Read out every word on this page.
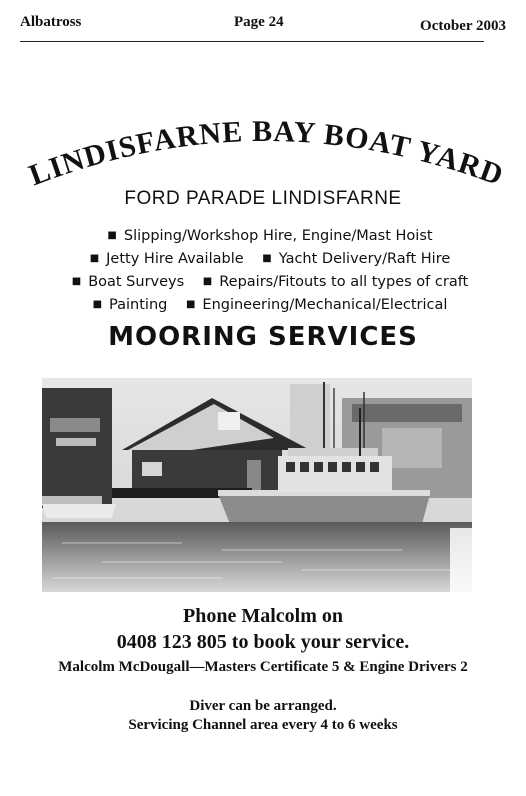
Albatross	Page 24	October 2003
LINDISFARNE BAY BOAT YARD
FORD PARADE LINDISFARNE
■ Slipping/Workshop Hire, Engine/Mast Hoist
■ Jetty Hire Available ■ Yacht Delivery/Raft Hire
■ Boat Surveys ■ Repairs/Fitouts to all types of craft
■ Painting ■ Engineering/Mechanical/Electrical
MOORING SERVICES
Phone Malcolm on
0408 123 805 to book your service.
Malcolm McDougall—Masters Certificate 5 & Engine Drivers 2
Diver can be arranged.
Servicing Channel area every 4 to 6 weeks
